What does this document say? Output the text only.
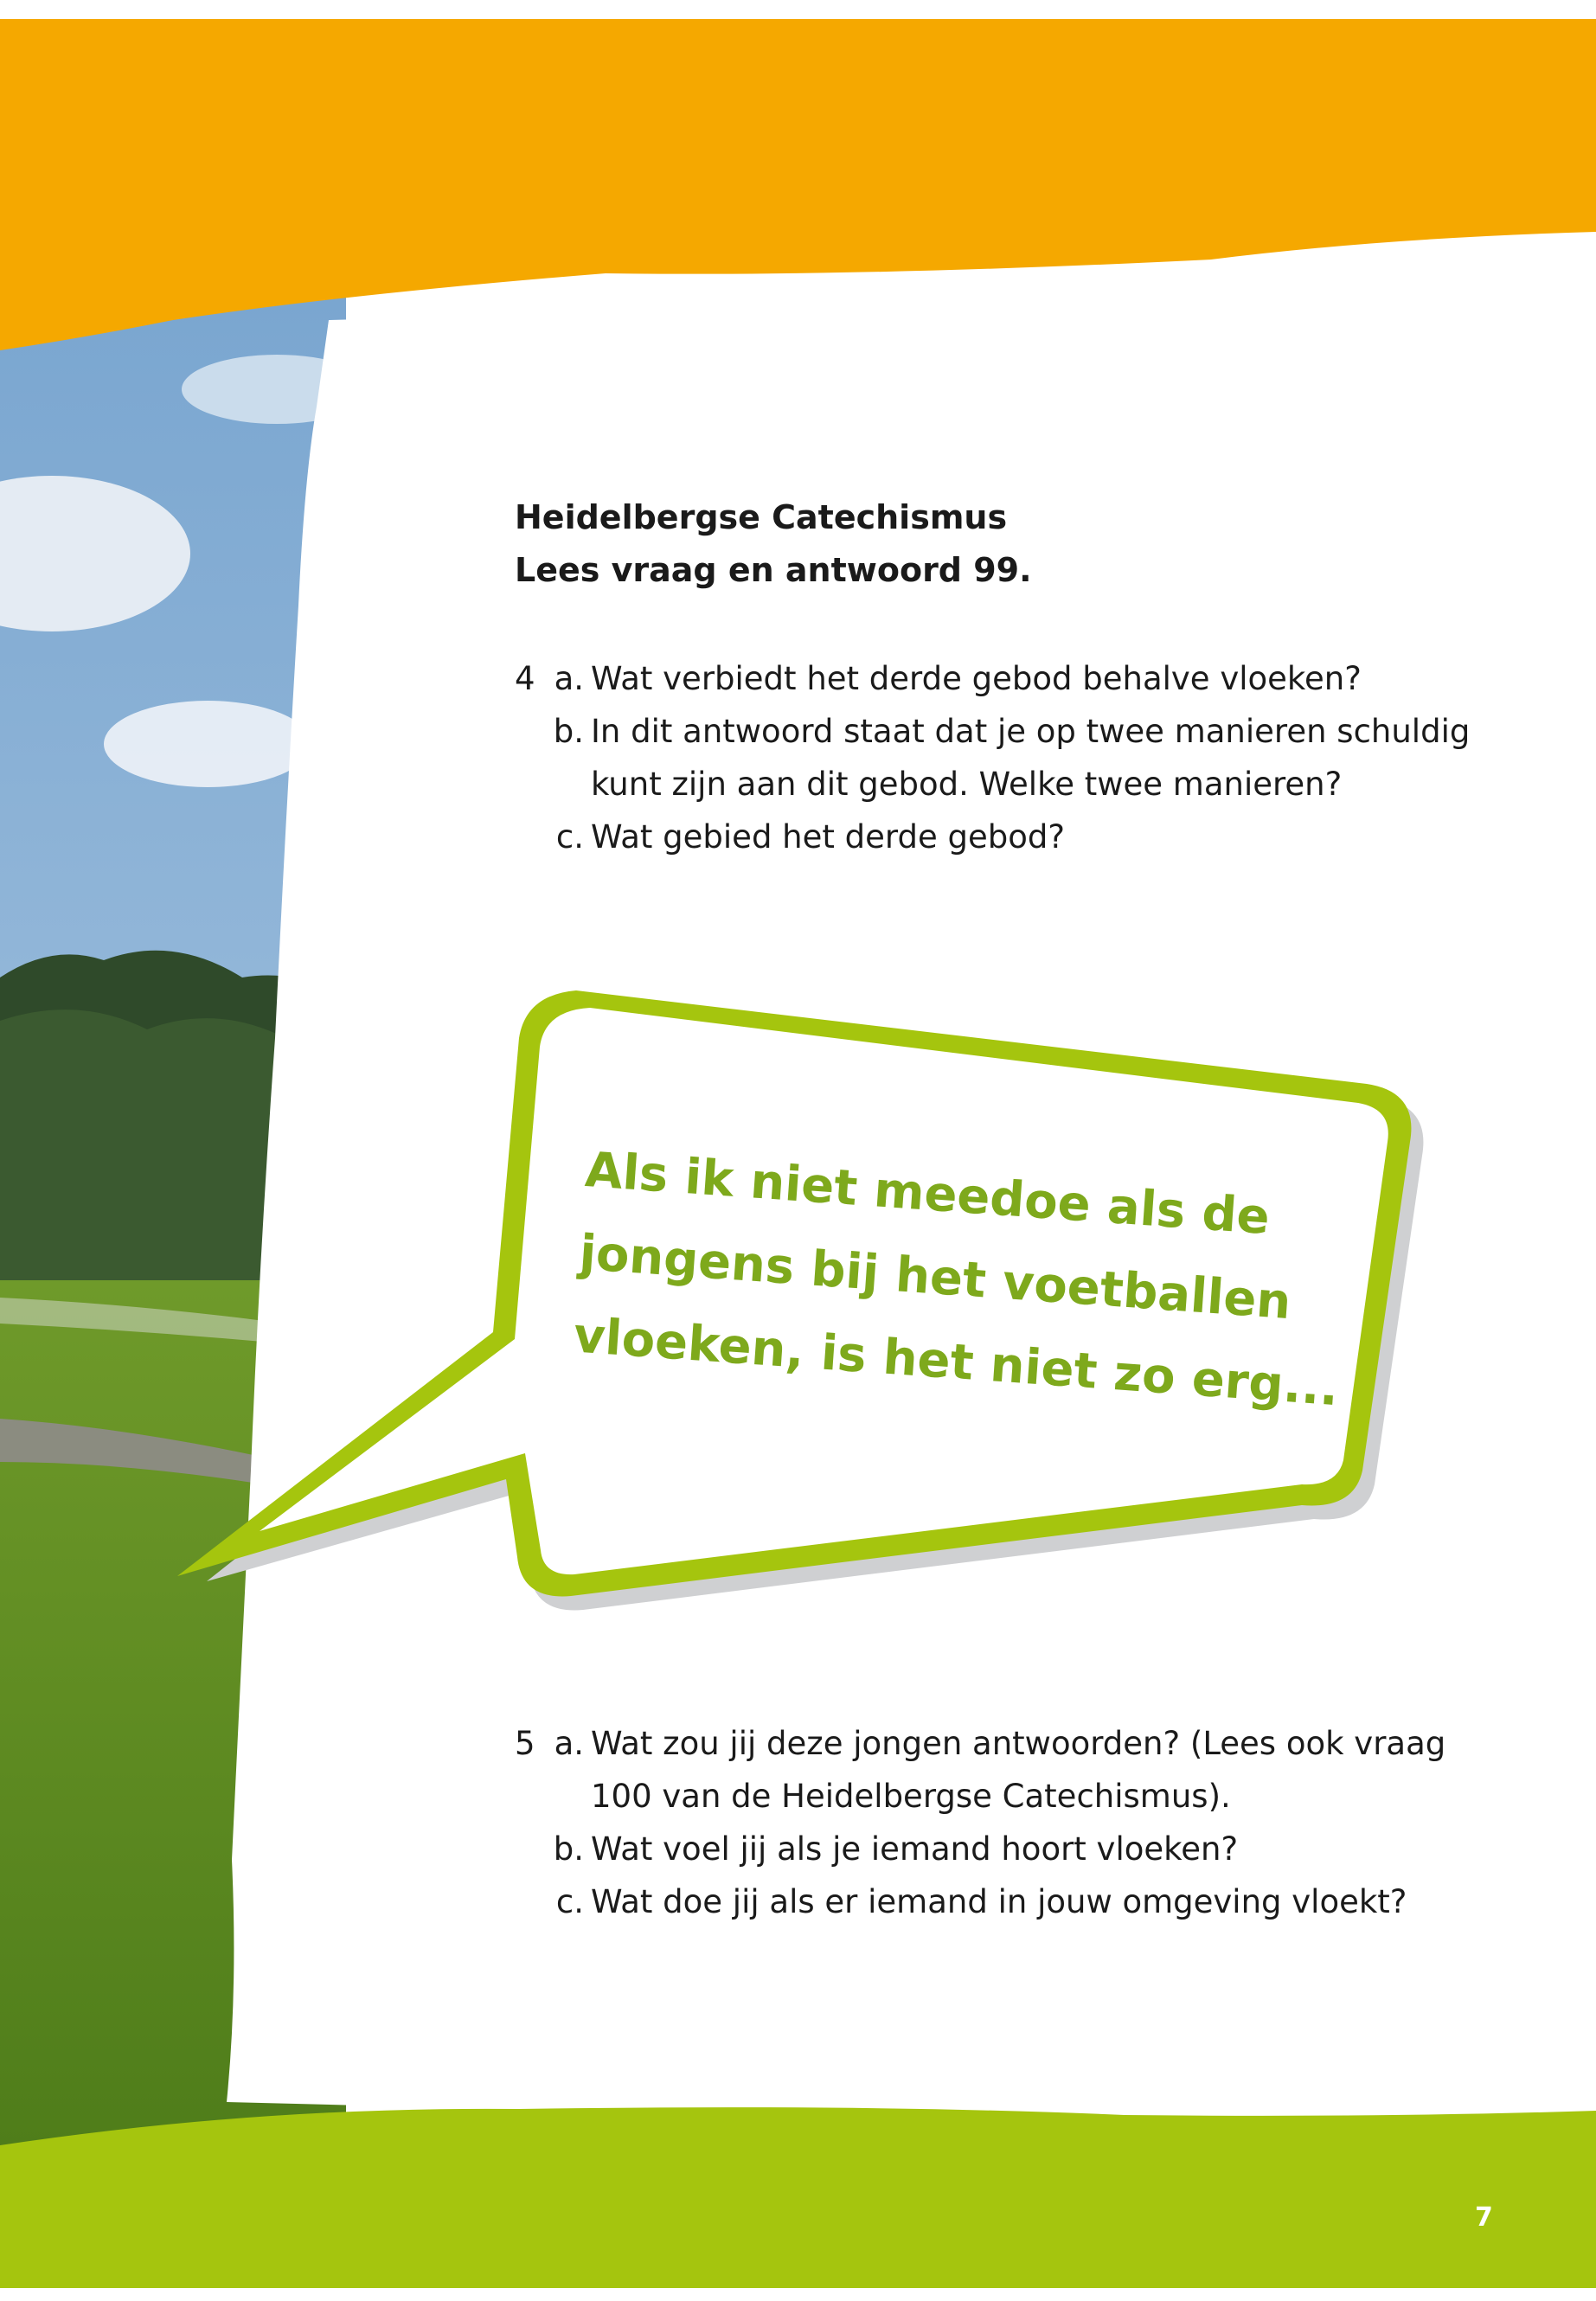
Heidelbergse Catechismus
Lees vraag en antwoord 99.
4 a. Wat verbiedt het derde gebod behalve vloeken?
b. In dit antwoord staat dat je op twee manieren schuldig
kunt zijn aan dit gebod. Welke twee manieren?
c. Wat gebied het derde gebod?
Als ik niet meedoe als de
jongens bij het voetballen
vloeken, is het niet zo erg...
5 a. Wat zou jij deze jongen antwoorden? (Lees ook vraag
100 van de Heidelbergse Catechismus).
b. Wat voel jij als je iemand hoort vloeken?
c. Wat doe jij als er iemand in jouw omgeving vloekt?
7
